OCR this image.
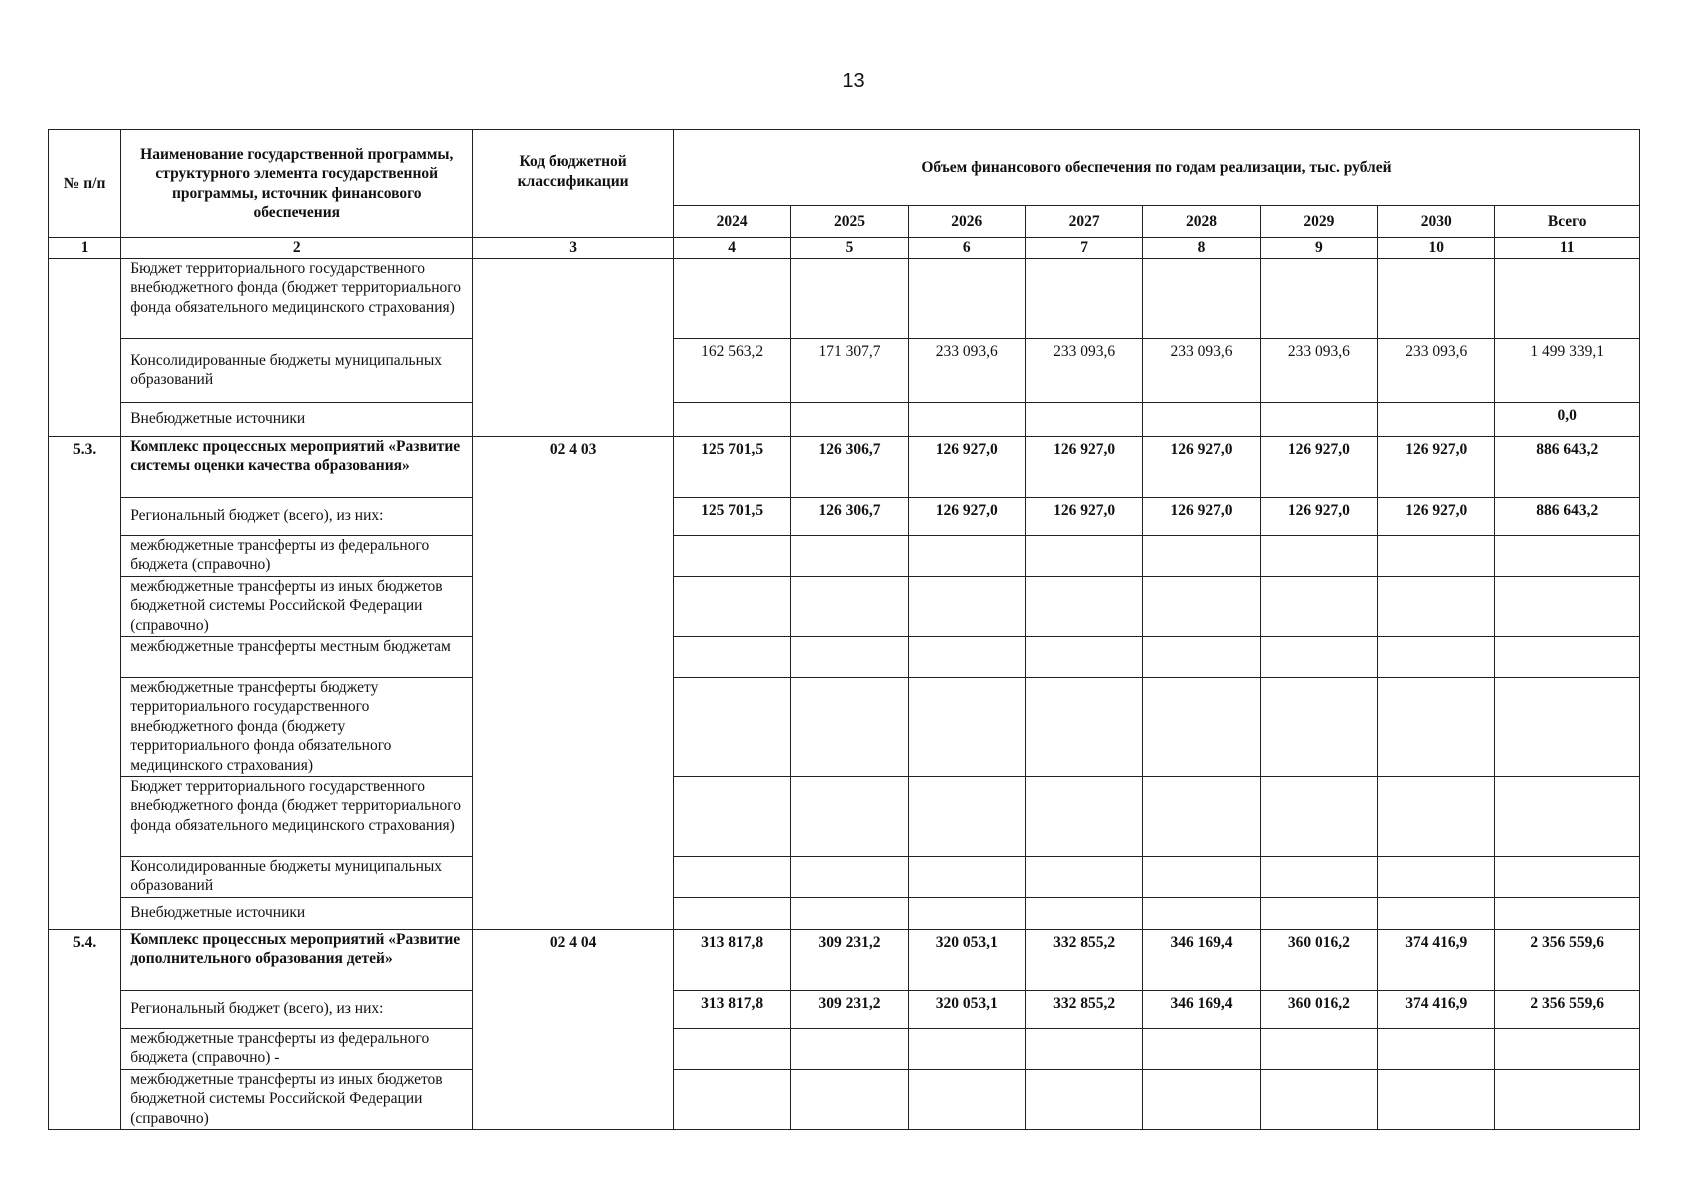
13
№ п/п	Наименование государственной программы, структурного элемента государственной программы, источник финансового обеспечения	Код бюджетной классификации	Объем финансового обеспечения по годам реализации, тыс. рублей							
			2024	2025	2026	2027	2028	2029	2030	Всего
1	2	3	4	5	6	7	8	9	10	11
	Бюджет территориального государственного внебюджетного фонда (бюджет территориального фонда обязательного медицинского страхования)									
	Консолидированные бюджеты муниципальных образований		162 563,2	171 307,7	233 093,6	233 093,6	233 093,6	233 093,6	233 093,6	1 499 339,1
	Внебюджетные источники									0,0
5.3.	Комплекс процессных мероприятий «Развитие системы оценки качества образования»	02 4 03	125 701,5	126 306,7	126 927,0	126 927,0	126 927,0	126 927,0	126 927,0	886 643,2
	Региональный бюджет (всего), из них:		125 701,5	126 306,7	126 927,0	126 927,0	126 927,0	126 927,0	126 927,0	886 643,2
	межбюджетные трансферты из федерального бюджета (справочно)									
	межбюджетные трансферты из иных бюджетов бюджетной системы Российской Федерации (справочно)									
	межбюджетные трансферты местным бюджетам									
	межбюджетные трансферты бюджету территориального государственного внебюджетного фонда (бюджету территориального фонда обязательного медицинского страхования)									
	Бюджет территориального государственного внебюджетного фонда (бюджет территориального фонда обязательного медицинского страхования)									
	Консолидированные бюджеты муниципальных образований									
	Внебюджетные источники									
5.4.	Комплекс процессных мероприятий «Развитие дополнительного образования детей»	02 4 04	313 817,8	309 231,2	320 053,1	332 855,2	346 169,4	360 016,2	374 416,9	2 356 559,6
	Региональный бюджет (всего), из них:		313 817,8	309 231,2	320 053,1	332 855,2	346 169,4	360 016,2	374 416,9	2 356 559,6
	межбюджетные трансферты из федерального бюджета (справочно) -									
	межбюджетные трансферты из иных бюджетов бюджетной системы Российской Федерации (справочно)									
